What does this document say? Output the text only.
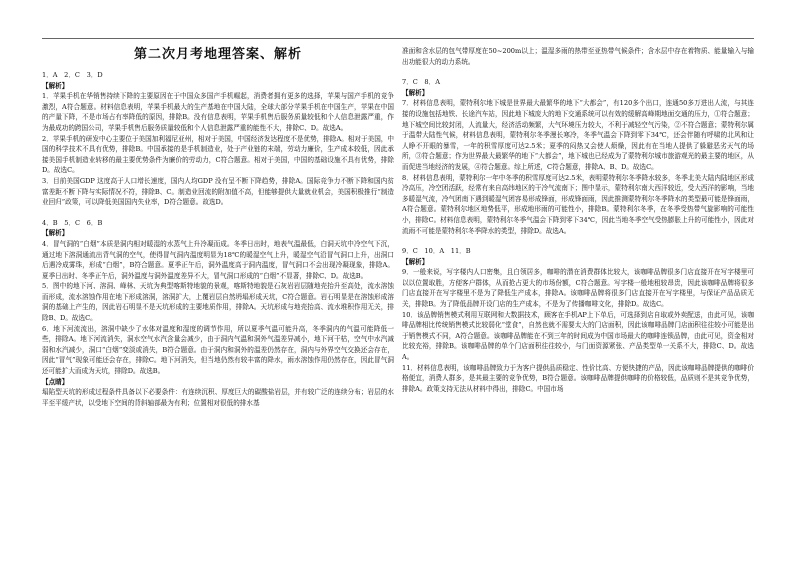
第二次月考地理答案、解析

1．A　2．C　3．D

【解析】

1．苹果手机在华销售持续下降的主要原因在于中国众多国产手机崛起，消费者拥有更多的选择，苹果与国产手机的竞争激烈，A符合题意。材料信息表明，苹果手机最大的生产基地在中国大陆，全球大部分苹果手机在中国生产，苹果在中国的产量下降，不是市场占有率降低的原因，排除B。没有信息表明，苹果手机售后服务质量较低和个人信息泄露严重，作为最成功的跨国公司，苹果手机售后服务质量较低和个人信息泄露严重的能性不大，排除C、D。故选A。

2．苹果手机的研发中心主要位于美国加利福尼亚州，相对于美国，中国经济发达程度不是优势，排除A。相对于美国，中国的科学技术不具有优势，排除B。中国承接的是手机制造业，处于产业链的末端，劳动力廉价，生产成本较低，因此承接美国手机制造业转移的最主要优势条件为廉价的劳动力，C符合题意。相对于美国，中国的基础设施不具有优势，排除D。故选C。

3．目前美国GDP 这度高于人口增长速度，国内人均GDP 没有呈不断下降趋势，排除A。国际竞争力不断下降和国内贫富差距不断下降与实际情况不符，排除B、C。制造业回流的附加值不高，但能够提供大量就业机会，美国积极推行“制造业回归”政策，可以降低美国国内失业率，D符合题意。故选D。

4．B　5．C　6．B

【解析】

4．冒气洞的“白烟”本质是洞内相对暖湿的水蒸气上升冷凝而成。冬季日出时，地表气温最低，白洞天坑中冷空气下沉，通过地下溶洞通流出背气洞的空气，使得冒气洞内温度明显为18℃的暖湿空气上升，暖湿空气沿冒气洞口上升，出洞口后遇冷成雾珠，形成“白烟”，B符合题意。夏季正午后，洞外温度高于洞内温度，冒气洞口不会出现冷凝现象，排除A。夏季日出时、冬季正午后，洞外温度与洞外温度差异不大，冒气洞口形成的“白烟”不显著，排除C、D。故选B。

5．图中的地下河、溶洞、峰林、天坑为典型喀斯特地貌的景观，喀斯特地貌是石灰岩岩层随地壳抬升至高处，流水溶蚀而形成，流水溶蚀作用在地下形成溶洞，溶洞扩大，上覆岩层自然坍塌形成天坑，C符合题意。岩石明显是在溶蚀形成溶洞的基础上产生的，因此岩石明显不是天坑形成的主要地质作用，排除A。天坑形成与地壳抬高、流水堆积作用无关，排除B、D。故选C。

6．地下河流流出，溶洞中缺少了水体对温度和湿度的调节作用，所以夏季气温可能升高，冬季洞内的气温可能降低一些，排除A。地下河流消失，洞水空气水汽含量会减少，由于洞内气温和洞外气温差异减小，地下河干枯，空气中水汽减弱和水汽减少，洞口“白烟”变淡或消失，B符合题意。由于洞内和洞外的温差仍然存在，洞内与外界空气交换还会存在，因此“冒气”现象可能还会存在，排除C。地下河消失，但当地仍然有较丰富的降水，雨水溶蚀作用仍然存在，因此冒气洞还可能扩大而成为天坑，排除D。故选B。

【点睛】

塌陷型天坑的形成过程条件具备以下必要条件：有连续沉积、厚度巨大的碳酸盐岩层，并有较广泛的连续分布；岩层的水平至平缓产状，以受地下空间的背斜轴部最为有利；位置相对很低的排水基

准面和含水层的包气带厚度在50~200m以上；温湿多雨的热带至亚热带气候条件；含水层中存在着物质、能量输入与输出功能很大的动力系统。

7．C　8．A

【解析】

7．材料信息表明，蒙特利尔地下城是世界最大最繁华的地下“大都会”，有120多个出口，连通50多万进出人流，与其连接的设施包括地铁、长途汽车站，因此地下城庞大的地下交通系统可以有效的缓解高峰期地面交通的压力，①符合题意；地下城空间比较封闭，人流量大，经济活动频繁，大气环境压力较大，不利于减轻空气污染，②不符合题意；蒙特利尔属于温带大陆性气候，材料信息表明，蒙特利尔冬季漫长寒冷，冬季气温会下降到零下34℃，还会伴随有呼啸的北风和让人睁不开眼的暴雪，一年的积雪厚度可达2.5米；夏季的闷热又会使人烦燥，因此有在当地人提供了躲避恶劣天气的场所，③符合题意；作为世界最大最繁华的地下“大都会”，地下城也已经成为了蒙特利尔城市旅游观光的最主要的地区，从而促进当地经济的发展，④符合题意。综上所述，C符合题意，排除A、B、D。故选C。

8．材料信息表明，蒙特利尔一年中冬季的积雪厚度可达2.5米，表明蒙特利尔冬季降水较多，冬季北美大陆内陆地区形成冷高压，冷空团活跃，经常有来自高纬地区的干冷气流南下；图中显示，蒙特利尔南大西洋较近，受大西洋的影响，当地多暖湿气流，冷气团南下遇到暖湿气团容易形成锋面，形成锋面雨，因此推测蒙特利尔冬季降水的类型最可能是锋面雨，A符合题意。蒙特利尔地区地势低平，形成地形雨的可能性小，排除B。蒙特利尔冬季，在冬季受热带气旋影响的可能性小，排除C。材料信息表明，蒙特利尔冬季气温会下降到零下34℃，因此当地冬季空气受热膨胀上升的可能性小，因此对流雨不可能是蒙特利尔冬季降水的类型，排除D。故选A。

9．C　10．A　11．B

【解析】

9．一般来说，写字楼内人口密集，且白领居多，咖啡的潜在消费群体比较大，该咖啡品牌很多门店直接开在写字楼里可以以位置取胜，方便客户群体，从而抢占更大的市场份额，C符合题意。写字楼一般地租较昂贵，因此该咖啡品牌将很多门店直接开在写字楼里不是为了降低生产成本，排除A。该咖啡品牌将很多门店直接开在写字楼里，与保证产品品质无关，排除B。为了降低品牌开设门店的生产成本，不是为了传播咖啡文化，排除D。故选C。

10．该品牌销售模式利用互联网和大数据技术，顾客在手机AP上下单后，可选择到店自取或外卖配送，由此可见，该咖啡品牌相比传统销售模式比较弱化“堂食”，自然也就不需要太大的门店面积，因此该咖啡品牌门店面积往往较小可能是出于销售模式不同，A符合题意。该咖啡品牌能在不到三年的时间成为中国市场最大的咖啡连锁品牌，由此可见，资金相对比较充裕，排除B。该咖啡品牌的单个门店面积往往较小，与门面资源紧张、产品类型单一关系不大，排除C、D。故选A。

11．材料信息表明，该咖啡品牌致力于为客户提供品质稳定、性价比高、方便快捷的产品，因此该咖啡品牌提供的咖啡价格便宜，消费人群多，是其最主要的竞争优势，B符合题意。该咖啡品牌提供咖啡的价格较低，品质则不是其竞争优势，排除A。政策支持无法从材料中得出，排除C。中国市场
